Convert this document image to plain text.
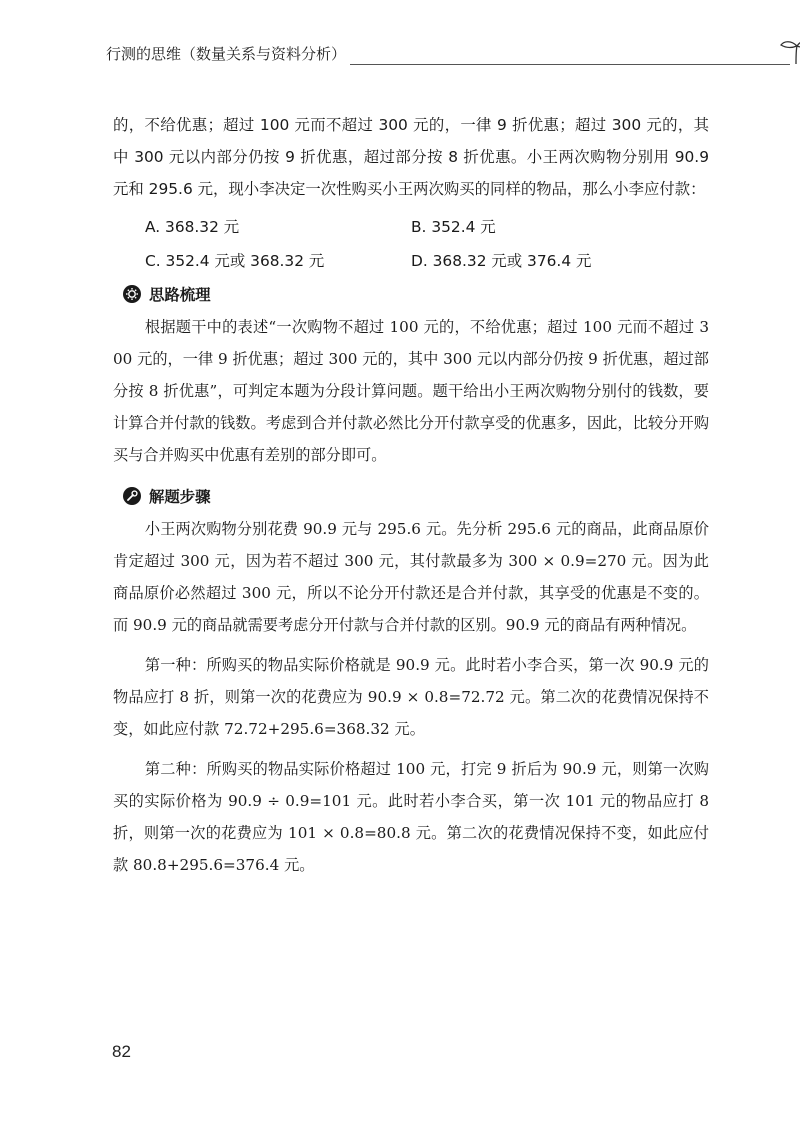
行测的思维（数量关系与资料分析）

的，不给优惠；超过 100 元而不超过 300 元的，一律 9 折优惠；超过 300 元的，其中 300 元以内部分仍按 9 折优惠，超过部分按 8 折优惠。小王两次购物分别用 90.9 元和 295.6 元，现小李决定一次性购买小王两次购买的同样的物品，那么小李应付款：

A. 368.32 元	B. 352.4 元
C. 352.4 元或 368.32 元	D. 368.32 元或 376.4 元
思路梳理

根据题干中的表述“一次购物不超过 100 元的，不给优惠；超过 100 元而不超过 300 元的，一律 9 折优惠；超过 300 元的，其中 300 元以内部分仍按 9 折优惠，超过部分按 8 折优惠”，可判定本题为分段计算问题。题干给出小王两次购物分别付的钱数，要计算合并付款的钱数。考虑到合并付款必然比分开付款享受的优惠多，因此，比较分开购买与合并购买中优惠有差别的部分即可。

解题步骤

小王两次购物分别花费 90.9 元与 295.6 元。先分析 295.6 元的商品，此商品原价肯定超过 300 元，因为若不超过 300 元，其付款最多为 300 × 0.9=270 元。因为此商品原价必然超过 300 元，所以不论分开付款还是合并付款，其享受的优惠是不变的。而 90.9 元的商品就需要考虑分开付款与合并付款的区别。90.9 元的商品有两种情况。

第一种：所购买的物品实际价格就是 90.9 元。此时若小李合买，第一次 90.9 元的物品应打 8 折，则第一次的花费应为 90.9 × 0.8=72.72 元。第二次的花费情况保持不变，如此应付款 72.72+295.6=368.32 元。

第二种：所购买的物品实际价格超过 100 元，打完 9 折后为 90.9 元，则第一次购买的实际价格为 90.9 ÷ 0.9=101 元。此时若小李合买，第一次 101 元的物品应打 8 折，则第一次的花费应为 101 × 0.8=80.8 元。第二次的花费情况保持不变，如此应付款 80.8+295.6=376.4 元。

82
